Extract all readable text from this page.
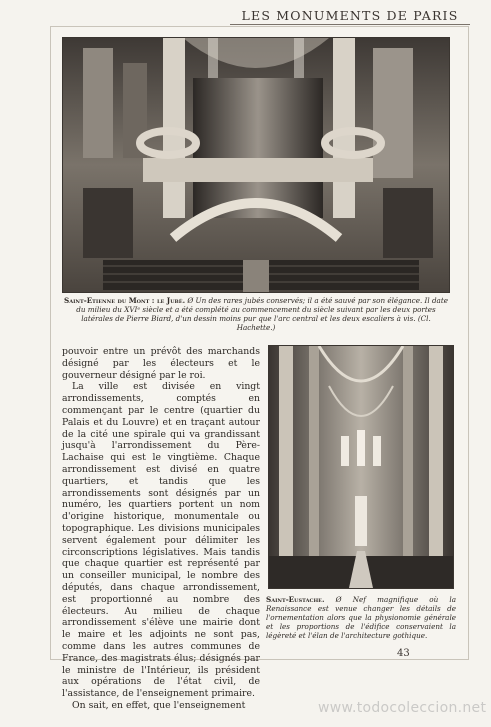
LES MONUMENTS DE PARIS
Saint-Etienne du Mont : le Jubé. Ø Un des rares jubés conservés; il a été sauvé par son élégance. Il date du milieu du XVIᵉ siècle et a été complété au commencement du siècle suivant par les deux portes latérales de Pierre Biard, d'un dessin moins pur que l'arc central et les deux escaliers à vis. (Cl. Hachette.)

pouvoir entre un prévôt des marchands désigné par les électeurs et le gouverneur désigné par le roi.

La ville est divisée en vingt arrondissements, comptés en commençant par le centre (quartier du Palais et du Louvre) et en traçant autour de la cité une spirale qui va grandissant jusqu'à l'arrondissement du Père-Lachaise qui est le vingtième. Chaque arrondissement est divisé en quatre quartiers, et tandis que les arrondissements sont désignés par un numéro, les quartiers portent un nom d'origine historique, monumentale ou topographique. Les divisions municipales servent également pour délimiter les circonscriptions législatives. Mais tandis que chaque quartier est représenté par un conseiller municipal, le nombre des députés, dans chaque arrondissement, est proportionné au nombre des électeurs. Au milieu de chaque arrondissement s'élève une mairie dont le maire et les adjoints ne sont pas, comme dans les autres communes de France, des magistrats élus; désignés par le ministre de l'Intérieur, ils président aux opérations de l'état civil, de l'assistance, de l'enseignement primaire.

On sait, en effet, que l'enseignement

Saint-Eustache. Ø Nef magnifique où la Renaissance est venue changer les détails de l'ornementation alors que la physionomie générale et les proportions de l'édifice conservaient la légèreté et l'élan de l'architecture gothique.
43
www.todocoleccion.net
